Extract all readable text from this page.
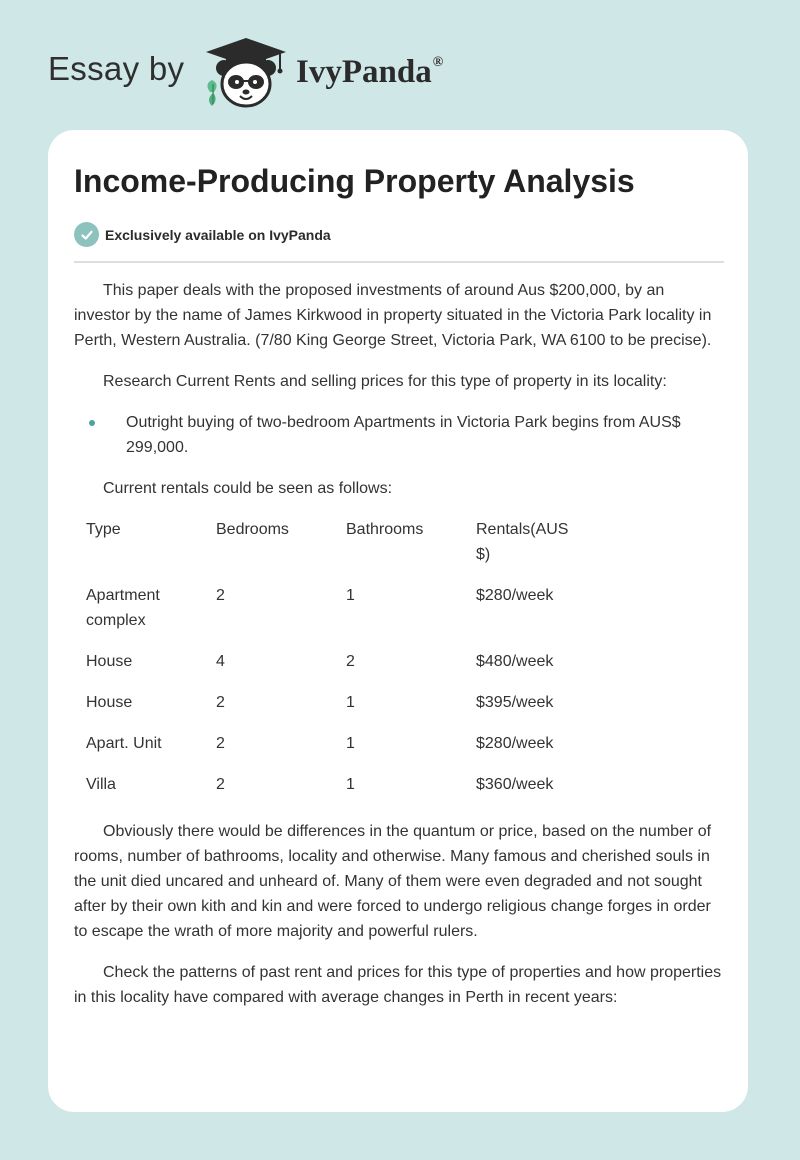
Essay by	IvyPanda®
Income-Producing Property Analysis
Exclusively available on IvyPanda

This paper deals with the proposed investments of around Aus $200,000, by an investor by the name of James Kirkwood in property situated in the Victoria Park locality in Perth, Western Australia. (7/80 King George Street, Victoria Park, WA 6100 to be precise).

Research Current Rents and selling prices for this type of property in its locality:

Outright buying of two-bedroom Apartments in Victoria Park begins from AUS$ 299,000.

Current rentals could be seen as follows:

Type	Bedrooms	Bathrooms	Rentals(AUS $)
Apartment complex	2	1	$280/week
House	4	2	$480/week
House	2	1	$395/week
Apart. Unit	2	1	$280/week
Villa	2	1	$360/week

Obviously there would be differences in the quantum or price, based on the number of rooms, number of bathrooms, locality and otherwise. Many famous and cherished souls in the unit died uncared and unheard of. Many of them were even degraded and not sought after by their own kith and kin and were forced to undergo religious change forges in order to escape the wrath of more majority and powerful rulers.

Check the patterns of past rent and prices for this type of properties and how properties in this locality have compared with average changes in Perth in recent years:
